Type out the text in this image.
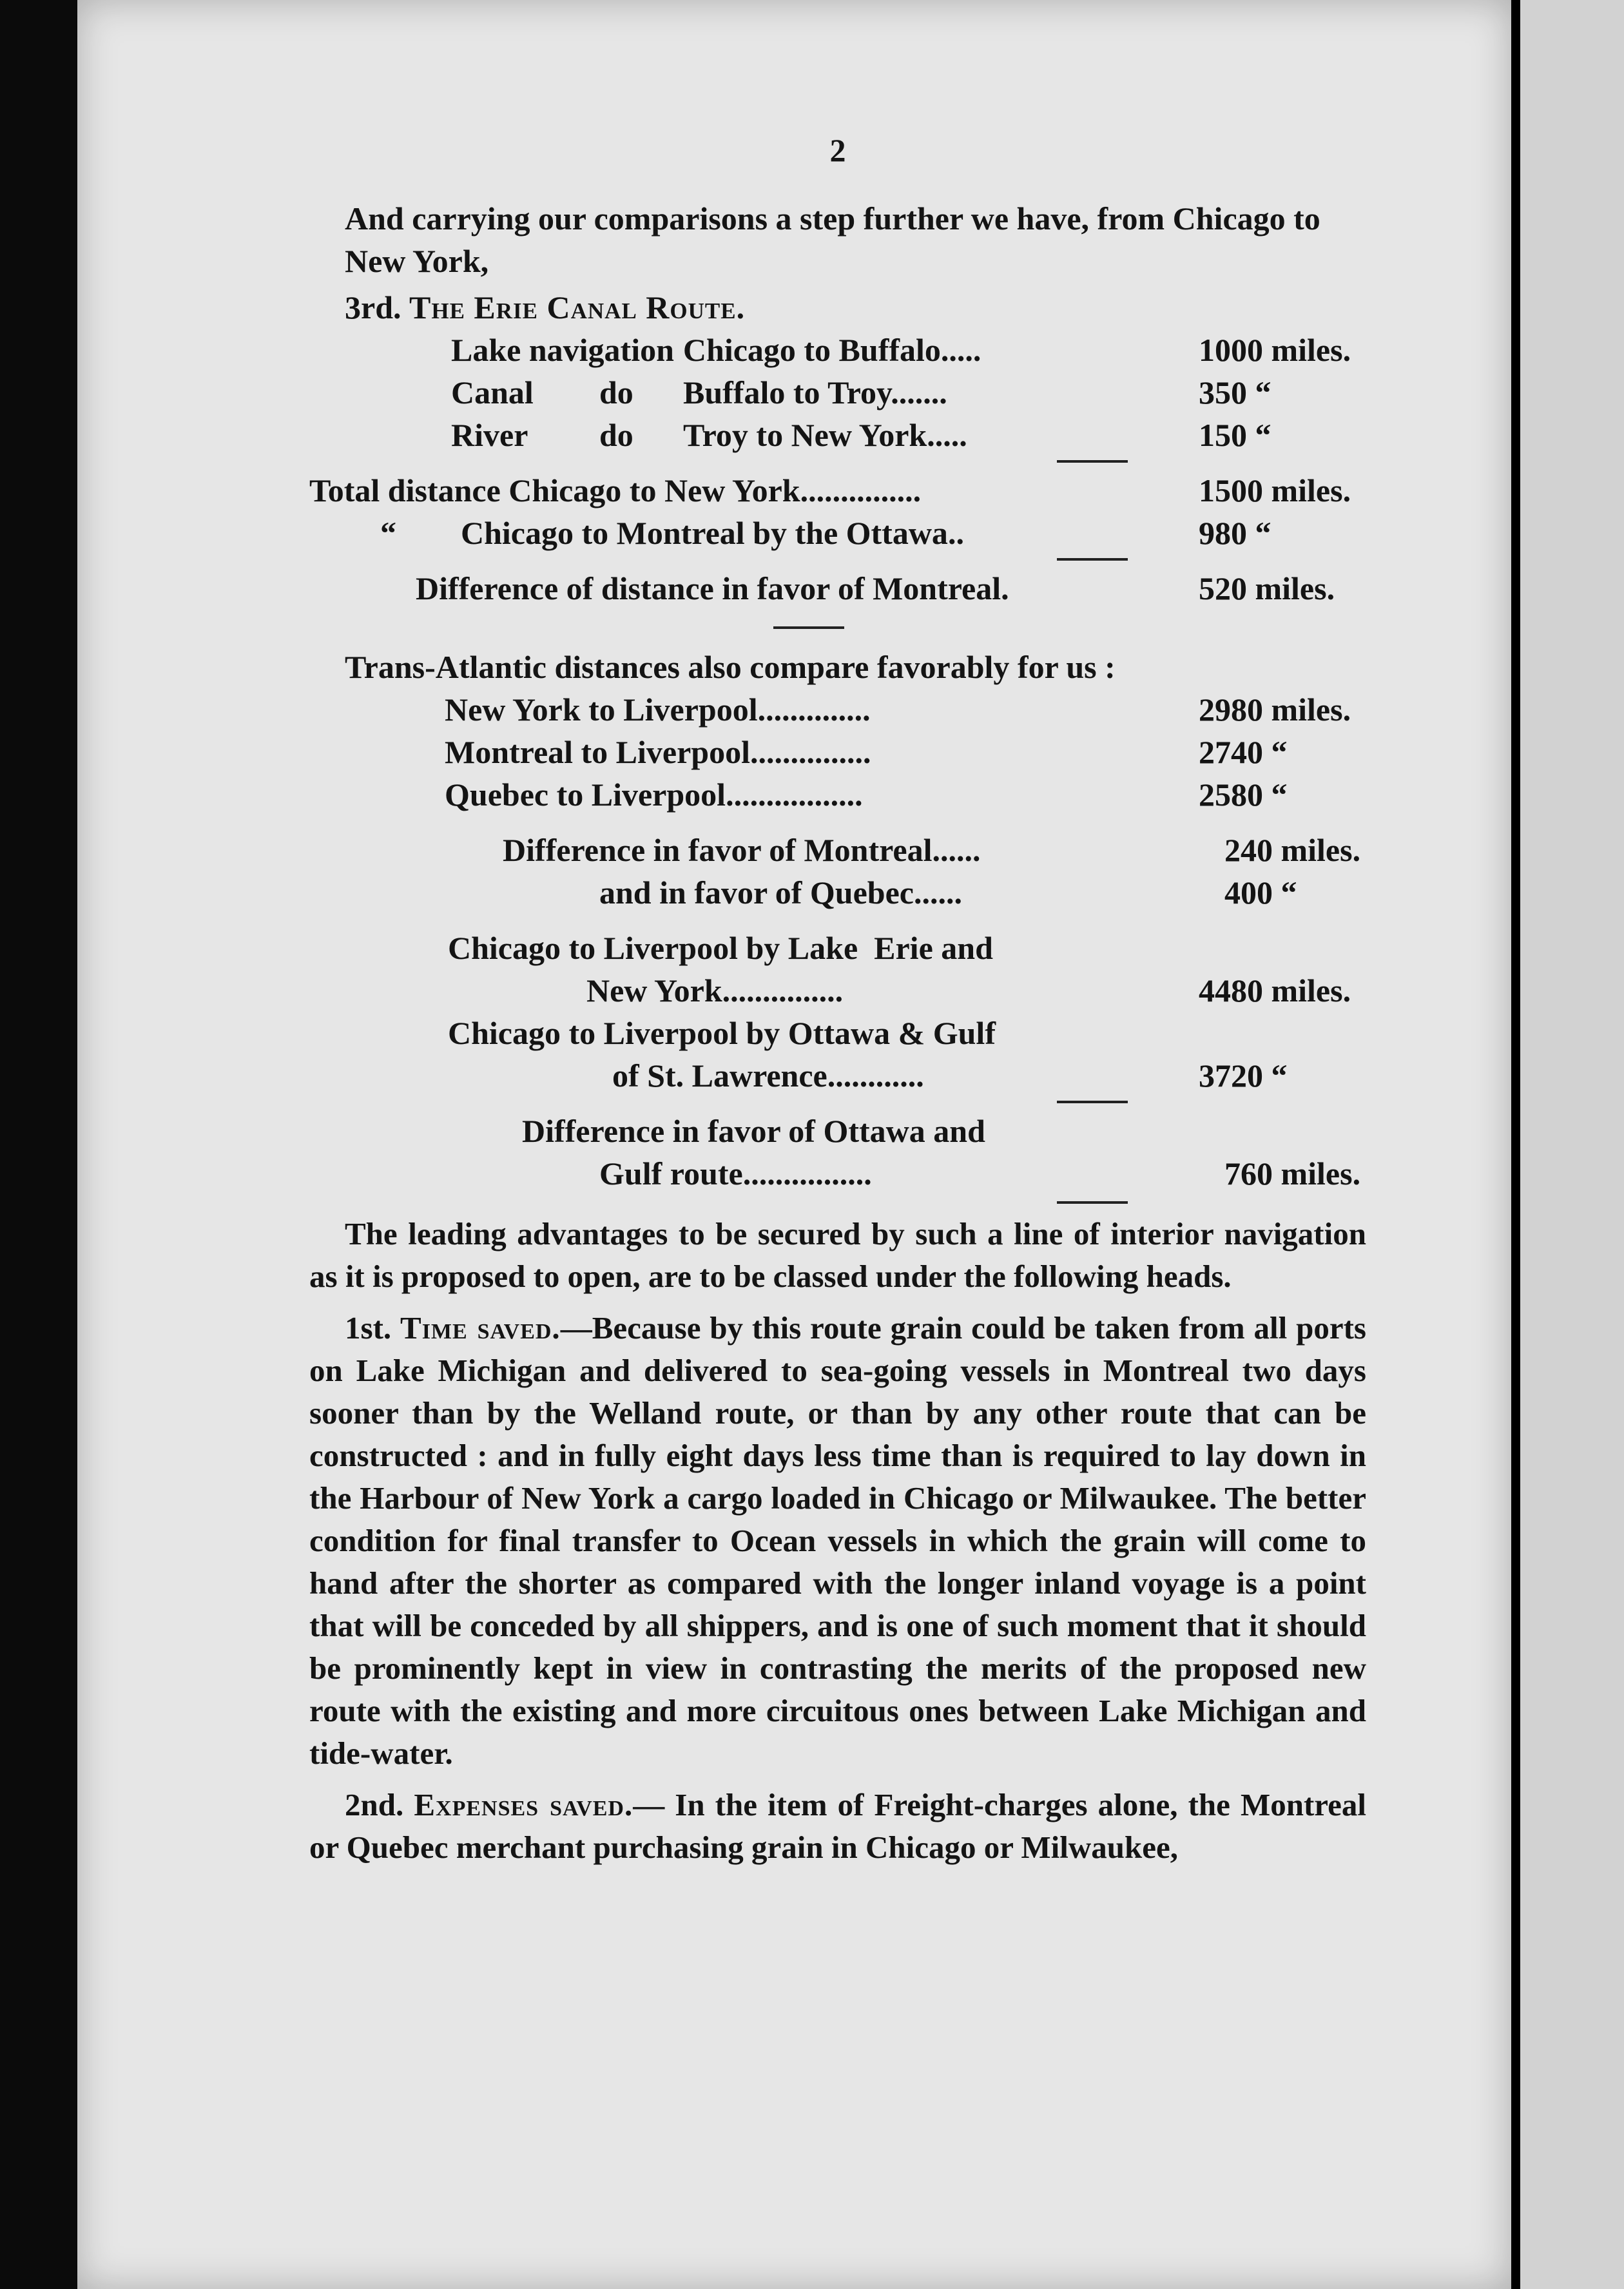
2
And carrying our comparisons a step further we have, from Chicago to New York,
3rd. The Erie Canal Route.
Lake navigation Chicago to Buffalo.....	1000 miles.
Canal do Buffalo to Troy.......	350 “
River do Troy to New York.....	150 “
Total distance Chicago to New York...............	1500 miles.
“        Chicago to Montreal by the Ottawa..	980 “
Difference of distance in favor of Montreal.	520 miles.
Trans-Atlantic distances also compare favorably for us :
New York to Liverpool..............	2980 miles.
Montreal to Liverpool...............	2740 “
Quebec to Liverpool.................	2580 “
Difference in favor of Montreal......	240 miles.
and in favor of Quebec......	400 “
Chicago to Liverpool by Lake  Erie and
New York...............	4480 miles.
Chicago to Liverpool by Ottawa & Gulf
of St. Lawrence............	3720 “
Difference in favor of Ottawa and
Gulf route................	760 miles.
The leading advantages to be secured by such a line of interior navigation as it is proposed to open, are to be classed under the following heads.
1st. Time saved.—Because by this route grain could be taken from all ports on Lake Michigan and delivered to sea-going vessels in Montreal two days sooner than by the Welland route, or than by any other route that can be constructed : and in fully eight days less time than is required to lay down in the Harbour of New York a cargo loaded in Chicago or Milwaukee. The better condition for final transfer to Ocean vessels in which the grain will come to hand after the shorter as compared with the longer inland voyage is a point that will be conceded by all shippers, and is one of such moment that it should be prominently kept in view in contrasting the merits of the proposed new route with the existing and more circuitous ones between Lake Michigan and tide-water.
2nd. Expenses saved.— In the item of Freight-charges alone, the Montreal or Quebec merchant purchasing grain in Chicago or Milwaukee,
